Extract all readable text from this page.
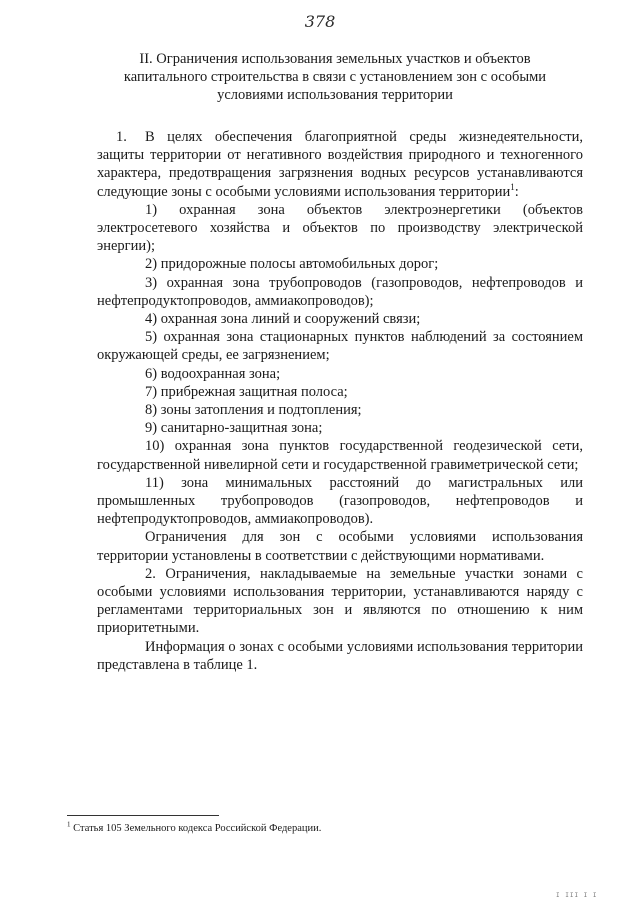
378
II. Ограничения использования земельных участков и объектов
капитального строительства в связи с установлением зон с особыми
условиями использования территории
1. В целях обеспечения благоприятной среды жизнедеятельности,
защиты территории от негативного воздействия природного и техногенного характера, предотвращения загрязнения водных ресурсов устанавливаются следующие зоны с особыми условиями использования территории$^1$:
1) охранная зона объектов электроэнергетики (объектов электросетевого хозяйства и объектов по производству электрической энергии);
2) придорожные полосы автомобильных дорог;
3) охранная зона трубопроводов (газопроводов, нефтепроводов и нефтепродуктопроводов, аммиакопроводов);
4) охранная зона линий и сооружений связи;
5) охранная зона стационарных пунктов наблюдений за состоянием окружающей среды, ее загрязнением;
6) водоохранная зона;
7) прибрежная защитная полоса;
8) зоны затопления и подтопления;
9) санитарно-защитная зона;
10) охранная зона пунктов государственной геодезической сети, государственной нивелирной сети и государственной гравиметрической сети;
11) зона минимальных расстояний до магистральных или промышленных трубопроводов (газопроводов, нефтепроводов и нефтепродуктопроводов, аммиакопроводов).
Ограничения для зон с особыми условиями использования территории установлены в соответствии с действующими нормативами.
2. Ограничения, накладываемые на земельные участки зонами с особыми условиями использования территории, устанавливаются наряду с регламентами территориальных зон и являются по отношению к ним приоритетными.
Информация о зонах с особыми условиями использования территории представлена в таблице 1.
$^1$ Статья 105 Земельного кодекса Российской Федерации.
І ІІІ І І
